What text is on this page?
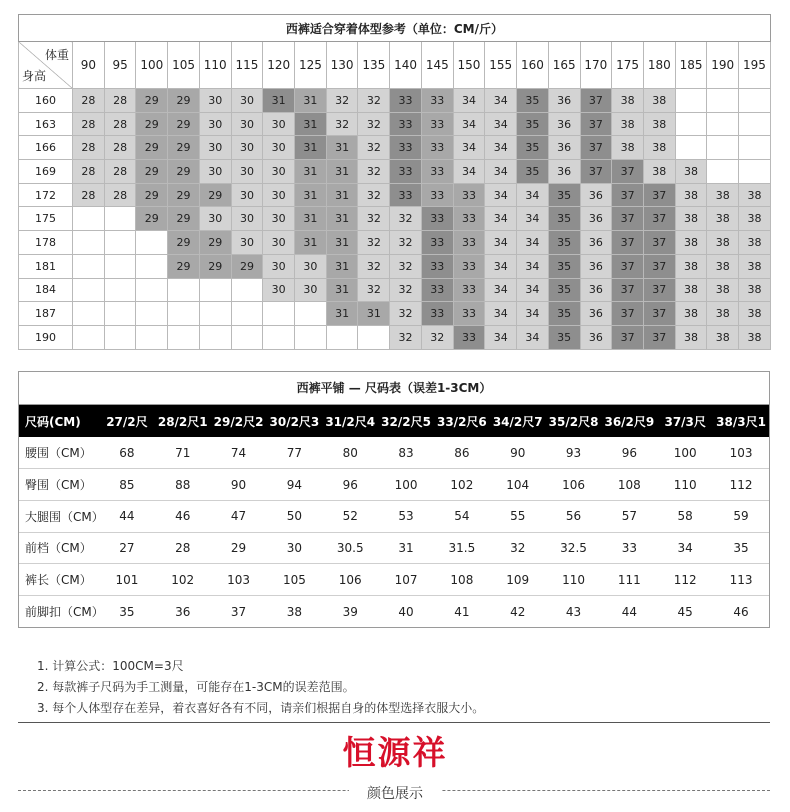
西裤适合穿着体型参考（单位：CM/斤）																						

体重
身高	90	95	100	105	110	115	120	125	130	135	140	145	150	155	160	165	170	175	180	185	190	195
160	28	28	29	29	30	30	31	31	32	32	33	33	34	34	35	36	37	38	38			
163	28	28	29	29	30	30	30	31	32	32	33	33	34	34	35	36	37	38	38			
166	28	28	29	29	30	30	30	31	31	32	33	33	34	34	35	36	37	38	38			
169	28	28	29	29	30	30	30	31	31	32	33	33	34	34	35	36	37	37	38	38		
172	28	28	29	29	29	30	30	31	31	32	33	33	33	34	34	35	36	37	37	38	38	38
175			29	29	30	30	30	31	31	32	32	33	33	34	34	35	36	37	37	38	38	38
178				29	29	30	30	31	31	32	32	33	33	34	34	35	36	37	37	38	38	38
181				29	29	29	30	30	31	32	32	33	33	34	34	35	36	37	37	38	38	38
184							30	30	31	32	32	33	33	34	34	35	36	37	37	38	38	38
187									31	31	32	33	33	34	34	35	36	37	37	38	38	38
190											32	32	33	34	34	35	36	37	37	38	38	38
西裤平铺 — 尺码表（误差1-3CM）
尺码(CM)	27/2尺	28/2尺1	29/2尺2	30/2尺3	31/2尺4	32/2尺5	33/2尺6	34/2尺7	35/2尺8	36/2尺9	37/3尺	38/3尺1
腰围（CM）	68	71	74	77	80	83	86	90	93	96	100	103
臀围（CM）	85	88	90	94	96	100	102	104	106	108	110	112
大腿围（CM）	44	46	47	50	52	53	54	55	56	57	58	59
前档（CM）	27	28	29	30	30.5	31	31.5	32	32.5	33	34	35
裤长（CM）	101	102	103	105	106	107	108	109	110	111	112	113
前脚扣（CM）	35	36	37	38	39	40	41	42	43	44	45	46
1. 计算公式：100CM=3尺
2. 每款裤子尺码为手工测量，可能存在1-3CM的误差范围。
3. 每个人体型存在差异，着衣喜好各有不同，请亲们根据自身的体型选择衣服大小。
恒源祥
颜色展示
